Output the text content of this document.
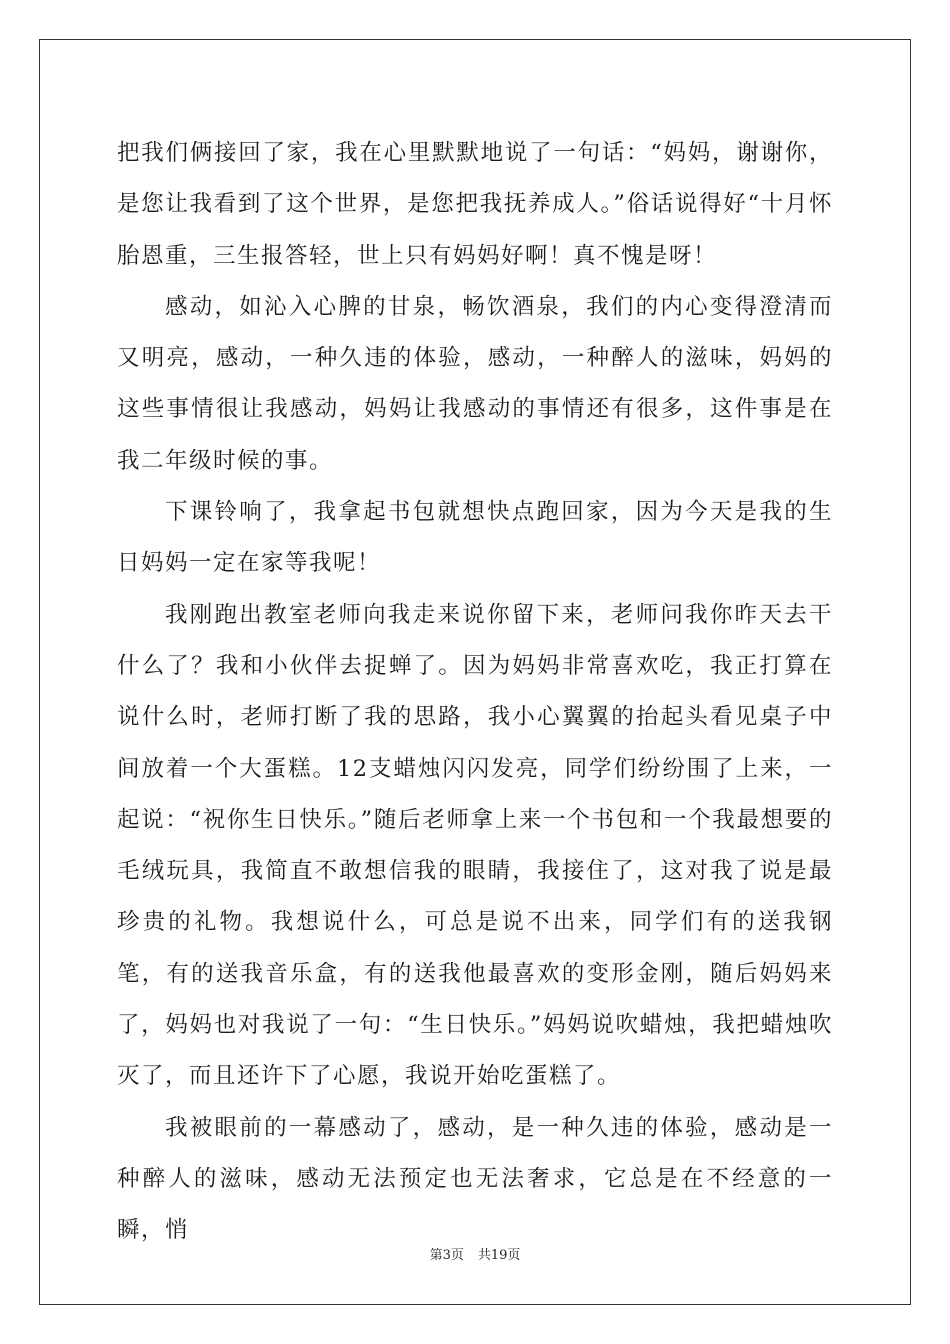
把我们俩接回了家，我在心里默默地说了一句话：“妈妈，谢谢你，是您让我看到了这个世界，是您把我抚养成人。”俗话说得好“十月怀胎恩重，三生报答轻，世上只有妈妈好啊！真不愧是呀！

感动，如沁入心脾的甘泉，畅饮酒泉，我们的内心变得澄清而又明亮，感动，一种久违的体验，感动，一种醉人的滋味，妈妈的这些事情很让我感动，妈妈让我感动的事情还有很多，这件事是在我二年级时候的事。

下课铃响了，我拿起书包就想快点跑回家，因为今天是我的生日妈妈一定在家等我呢！

我刚跑出教室老师向我走来说你留下来，老师问我你昨天去干什么了？我和小伙伴去捉蝉了。因为妈妈非常喜欢吃，我正打算在说什么时，老师打断了我的思路，我小心翼翼的抬起头看见桌子中间放着一个大蛋糕。12支蜡烛闪闪发亮，同学们纷纷围了上来，一起说：“祝你生日快乐。”随后老师拿上来一个书包和一个我最想要的毛绒玩具，我简直不敢想信我的眼睛，我接住了，这对我了说是最珍贵的礼物。我想说什么，可总是说不出来，同学们有的送我钢笔，有的送我音乐盒，有的送我他最喜欢的变形金刚，随后妈妈来了，妈妈也对我说了一句：“生日快乐。”妈妈说吹蜡烛，我把蜡烛吹灭了，而且还许下了心愿，我说开始吃蛋糕了。

我被眼前的一幕感动了，感动，是一种久违的体验，感动是一种醉人的滋味，感动无法预定也无法奢求，它总是在不经意的一瞬，悄

第3页 共19页
